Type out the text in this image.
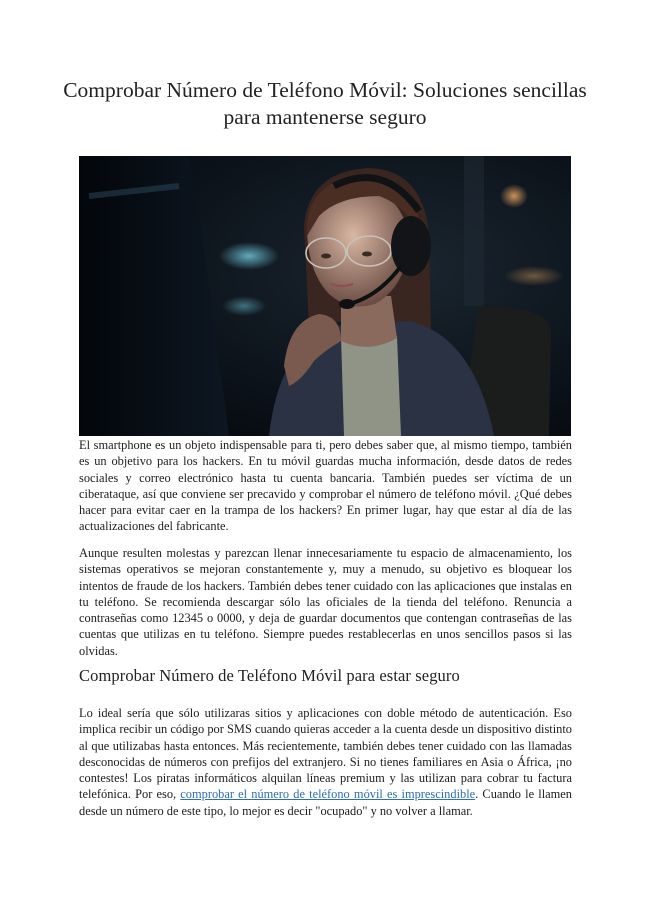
Comprobar Número de Teléfono Móvil: Soluciones sencillas para mantenerse seguro

El smartphone es un objeto indispensable para ti, pero debes saber que, al mismo tiempo, también es un objetivo para los hackers. En tu móvil guardas mucha información, desde datos de redes sociales y correo electrónico hasta tu cuenta bancaria. También puedes ser víctima de un ciberataque, así que conviene ser precavido y comprobar el número de teléfono móvil. ¿Qué debes hacer para evitar caer en la trampa de los hackers? En primer lugar, hay que estar al día de las actualizaciones del fabricante.

Aunque resulten molestas y parezcan llenar innecesariamente tu espacio de almacenamiento, los sistemas operativos se mejoran constantemente y, muy a menudo, su objetivo es bloquear los intentos de fraude de los hackers. También debes tener cuidado con las aplicaciones que instalas en tu teléfono. Se recomienda descargar sólo las oficiales de la tienda del teléfono. Renuncia a contraseñas como 12345 o 0000, y deja de guardar documentos que contengan contraseñas de las cuentas que utilizas en tu teléfono. Siempre puedes restablecerlas en unos sencillos pasos si las olvidas.

Comprobar Número de Teléfono Móvil para estar seguro

Lo ideal sería que sólo utilizaras sitios y aplicaciones con doble método de autenticación. Eso implica recibir un código por SMS cuando quieras acceder a la cuenta desde un dispositivo distinto al que utilizabas hasta entonces. Más recientemente, también debes tener cuidado con las llamadas desconocidas de números con prefijos del extranjero. Si no tienes familiares en Asia o África, ¡no contestes! Los piratas informáticos alquilan líneas premium y las utilizan para cobrar tu factura telefónica. Por eso, comprobar el número de teléfono móvil es imprescindible. Cuando le llamen desde un número de este tipo, lo mejor es decir "ocupado" y no volver a llamar.
